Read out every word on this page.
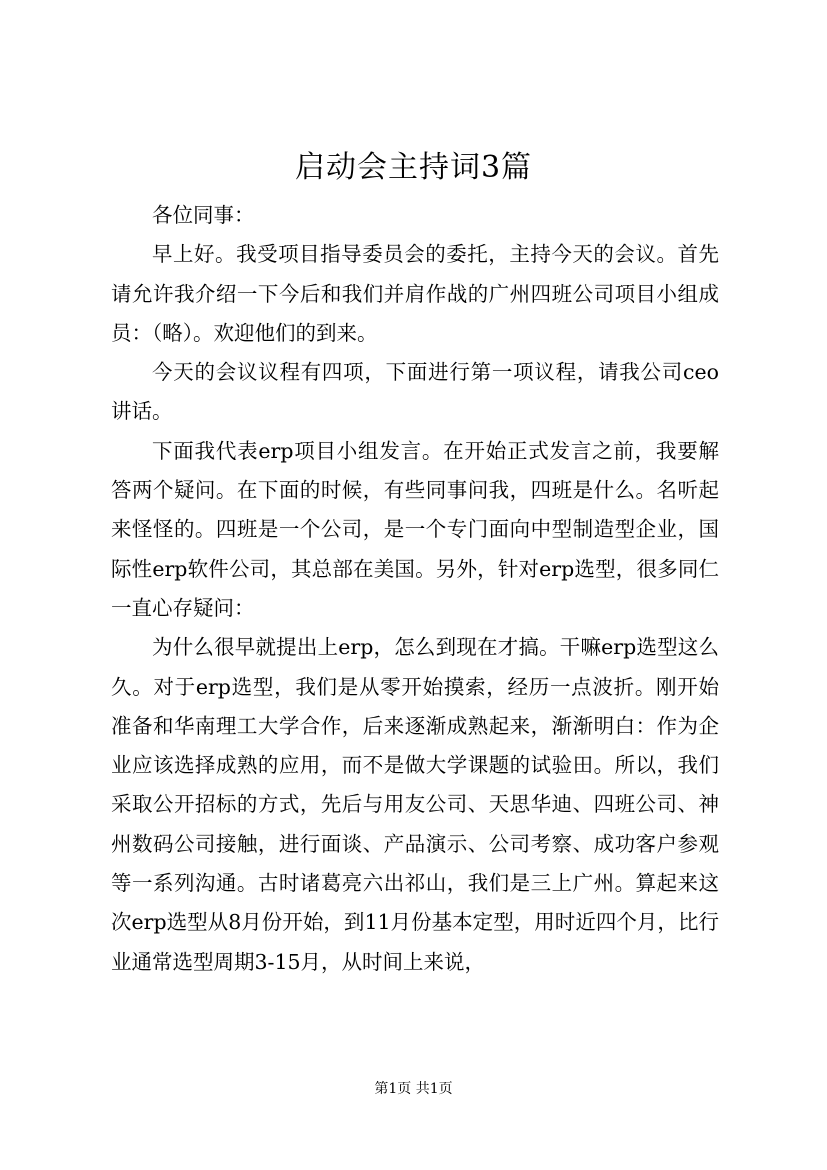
启动会主持词3篇

各位同事：

早上好。我受项目指导委员会的委托，主持今天的会议。首先请允许我介绍一下今后和我们并肩作战的广州四班公司项目小组成员：（略）。欢迎他们的到来。

今天的会议议程有四项，下面进行第一项议程，请我公司ceo讲话。

下面我代表erp项目小组发言。在开始正式发言之前，我要解答两个疑问。在下面的时候，有些同事问我，四班是什么。名听起来怪怪的。四班是一个公司，是一个专门面向中型制造型企业，国际性erp软件公司，其总部在美国。另外，针对erp选型，很多同仁一直心存疑问：

为什么很早就提出上erp，怎么到现在才搞。干嘛erp选型这么久。对于erp选型，我们是从零开始摸索，经历一点波折。刚开始准备和华南理工大学合作，后来逐渐成熟起来，渐渐明白：作为企业应该选择成熟的应用，而不是做大学课题的试验田。所以，我们采取公开招标的方式，先后与用友公司、天思华迪、四班公司、神州数码公司接触，进行面谈、产品演示、公司考察、成功客户参观等一系列沟通。古时诸葛亮六出祁山，我们是三上广州。算起来这次erp选型从8月份开始，到11月份基本定型，用时近四个月，比行业通常选型周期3-15月，从时间上来说，

第1页 共1页
